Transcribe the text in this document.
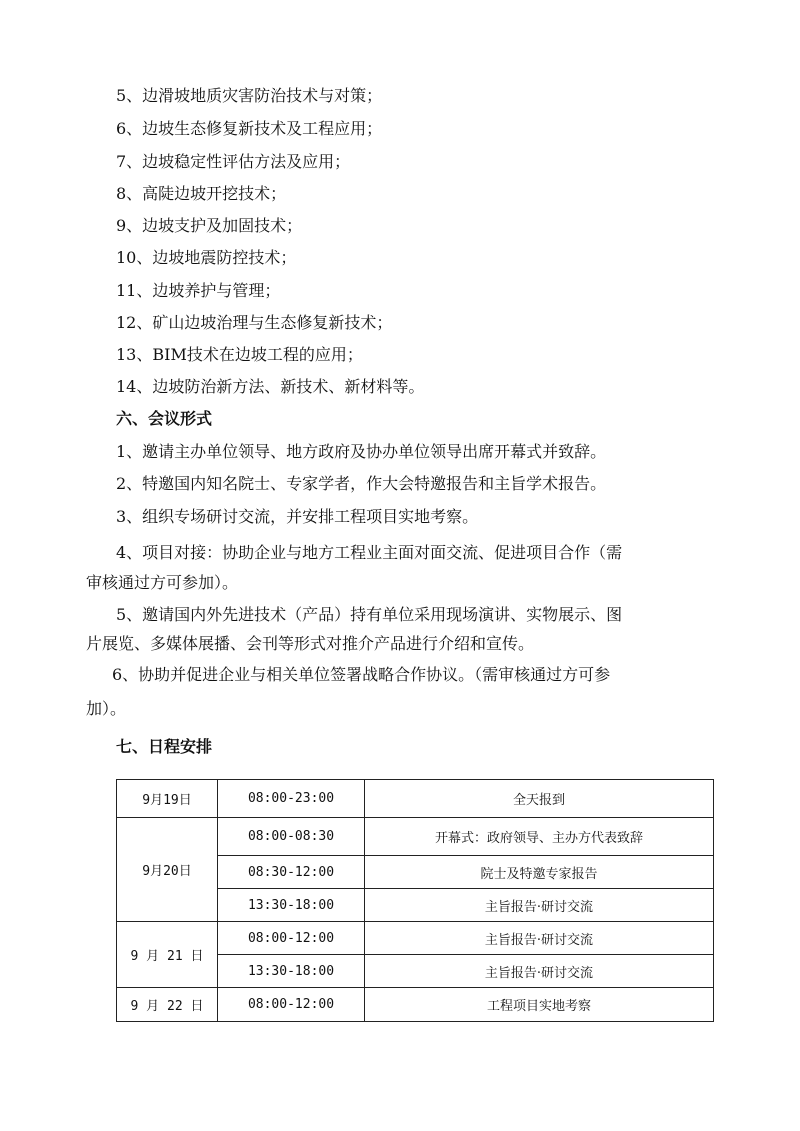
5、边滑坡地质灾害防治技术与对策；
6、边坡生态修复新技术及工程应用；
7、边坡稳定性评估方法及应用；
8、高陡边坡开挖技术；
9、边坡支护及加固技术；
10、边坡地震防控技术；
11、边坡养护与管理；
12、矿山边坡治理与生态修复新技术；
13、BIM技术在边坡工程的应用；
14、边坡防治新方法、新技术、新材料等。
六、会议形式
1、邀请主办单位领导、地方政府及协办单位领导出席开幕式并致辞。
2、特邀国内知名院士、专家学者，作大会特邀报告和主旨学术报告。
3、组织专场研讨交流，并安排工程项目实地考察。
4、项目对接：协助企业与地方工程业主面对面交流、促进项目合作（需
审核通过方可参加）。
5、邀请国内外先进技术（产品）持有单位采用现场演讲、实物展示、图
片展览、多媒体展播、会刊等形式对推介产品进行介绍和宣传。
6、协助并促进企业与相关单位签署战略合作协议。（需审核通过方可参
加）。
七、日程安排
9月19日	08:00-23:00	全天报到
9月20日	08:00-08:30	开幕式：政府领导、主办方代表致辞
	08:30-12:00	院士及特邀专家报告
	13:30-18:00	主旨报告·研讨交流
9 月 21 日	08:00-12:00	主旨报告·研讨交流
	13:30-18:00	主旨报告·研讨交流
9 月 22 日	08:00-12:00	工程项目实地考察
